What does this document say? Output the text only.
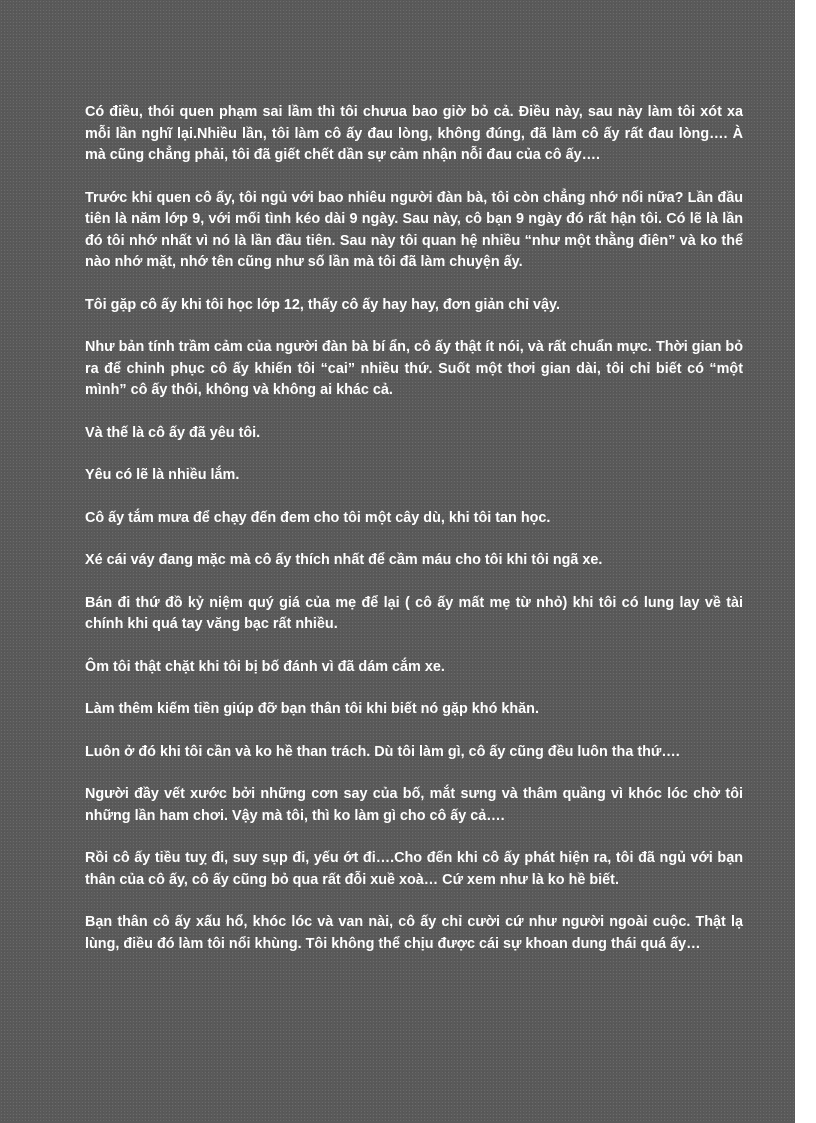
Có điều, thói quen phạm sai lầm thì tôi chưua bao giờ bỏ cả. Điều này, sau này làm tôi xót xa mỗi lần nghĩ lại.Nhiều lần, tôi làm cô ấy đau lòng, không đúng, đã làm cô ấy rất đau lòng…. À mà cũng chẳng phải, tôi đã giết chết dần sự cảm nhận nỗi đau của cô ấy….

Trước khi quen cô ấy, tôi ngủ với bao nhiêu người đàn bà, tôi còn chẳng nhớ nổi nữa? Lần đầu tiên là năm lớp 9, với mối tình kéo dài 9 ngày. Sau này, cô bạn 9 ngày đó rất hận tôi. Có lẽ là lần đó tôi nhớ nhất vì nó là lần đầu tiên. Sau này tôi quan hệ nhiều “như một thằng điên” và ko thể nào nhớ mặt, nhớ tên cũng như số lần mà tôi đã làm chuyện ấy.

Tôi gặp cô ấy khi tôi học lớp 12, thấy cô ấy hay hay, đơn giản chỉ vậy.

Như bản tính trầm cảm của người đàn bà bí ẩn, cô ấy thật ít nói, và rất chuẩn mực. Thời gian bỏ ra để chinh phục cô ấy khiến tôi “cai” nhiều thứ. Suốt một thơi gian dài, tôi chỉ biết có “một mình” cô ấy thôi, không và không ai khác cả.

Và thế là cô ấy đã yêu tôi.

Yêu có lẽ là nhiều lắm.

Cô ấy tắm mưa để chạy đến đem cho tôi một cây dù, khi tôi tan học.

Xé cái váy đang mặc mà cô ấy thích nhất để cầm máu cho tôi khi tôi ngã xe.

Bán đi thứ đồ kỷ niệm quý giá của mẹ để lại ( cô ấy mất mẹ từ nhỏ) khi tôi có lung lay về tài chính khi quá tay văng bạc rất nhiều.

Ôm tôi thật chặt khi tôi bị bố đánh vì đã dám cắm xe.

Làm thêm kiếm tiền giúp đỡ bạn thân tôi khi biết nó gặp khó khăn.

Luôn ở đó khi tôi cần và ko hề than trách. Dù tôi làm gì, cô ấy cũng đều luôn tha thứ….

Người đầy vết xước bởi những cơn say của bố, mắt sưng và thâm quầng vì khóc lóc chờ tôi những lần ham chơi. Vậy mà tôi, thì ko làm gì cho cô ấy cả….

Rồi cô ấy tiều tuỵ đi, suy sụp đi, yếu ớt đi….Cho đến khi cô ấy phát hiện ra, tôi đã ngủ với bạn thân của cô ấy, cô ấy cũng bỏ qua rất đỗi xuề xoà… Cứ xem như là ko hề biết.

Bạn thân cô ấy xấu hổ, khóc lóc và van nài, cô ấy chỉ cười cứ như người ngoài cuộc. Thật lạ lùng, điều đó làm tôi nổi khùng. Tôi không thể chịu được cái sự khoan dung thái quá ấy…
